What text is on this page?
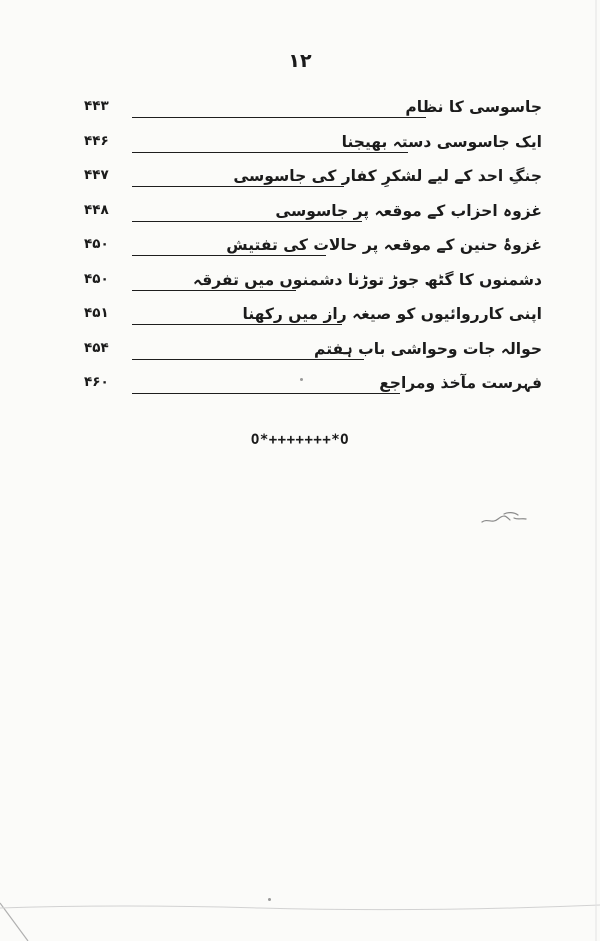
۱۲
جاسوسی کا نظام
۴۴۳
ایک جاسوسی دستہ بھیجنا
۴۴۶
جنگِ احد کے لیے لشکرِ کفار کی جاسوسی
۴۴۷
غزوہ احزاب کے موقعہ پر جاسوسی
۴۴۸
غزوۂ حنین کے موقعہ پر حالات کی تفتیش
۴۵۰
دشمنوں کا گٹھ جوڑ توڑنا دشمنوں میں تفرقہ
۴۵۰
اپنی کارروائیوں کو صیغہ راز میں رکھنا
۴۵۱
حوالہ جات وحواشی باب ہفتم
۴۵۴
فہرست مآخذ ومراجع
۴۶۰
O*+++++++*O
